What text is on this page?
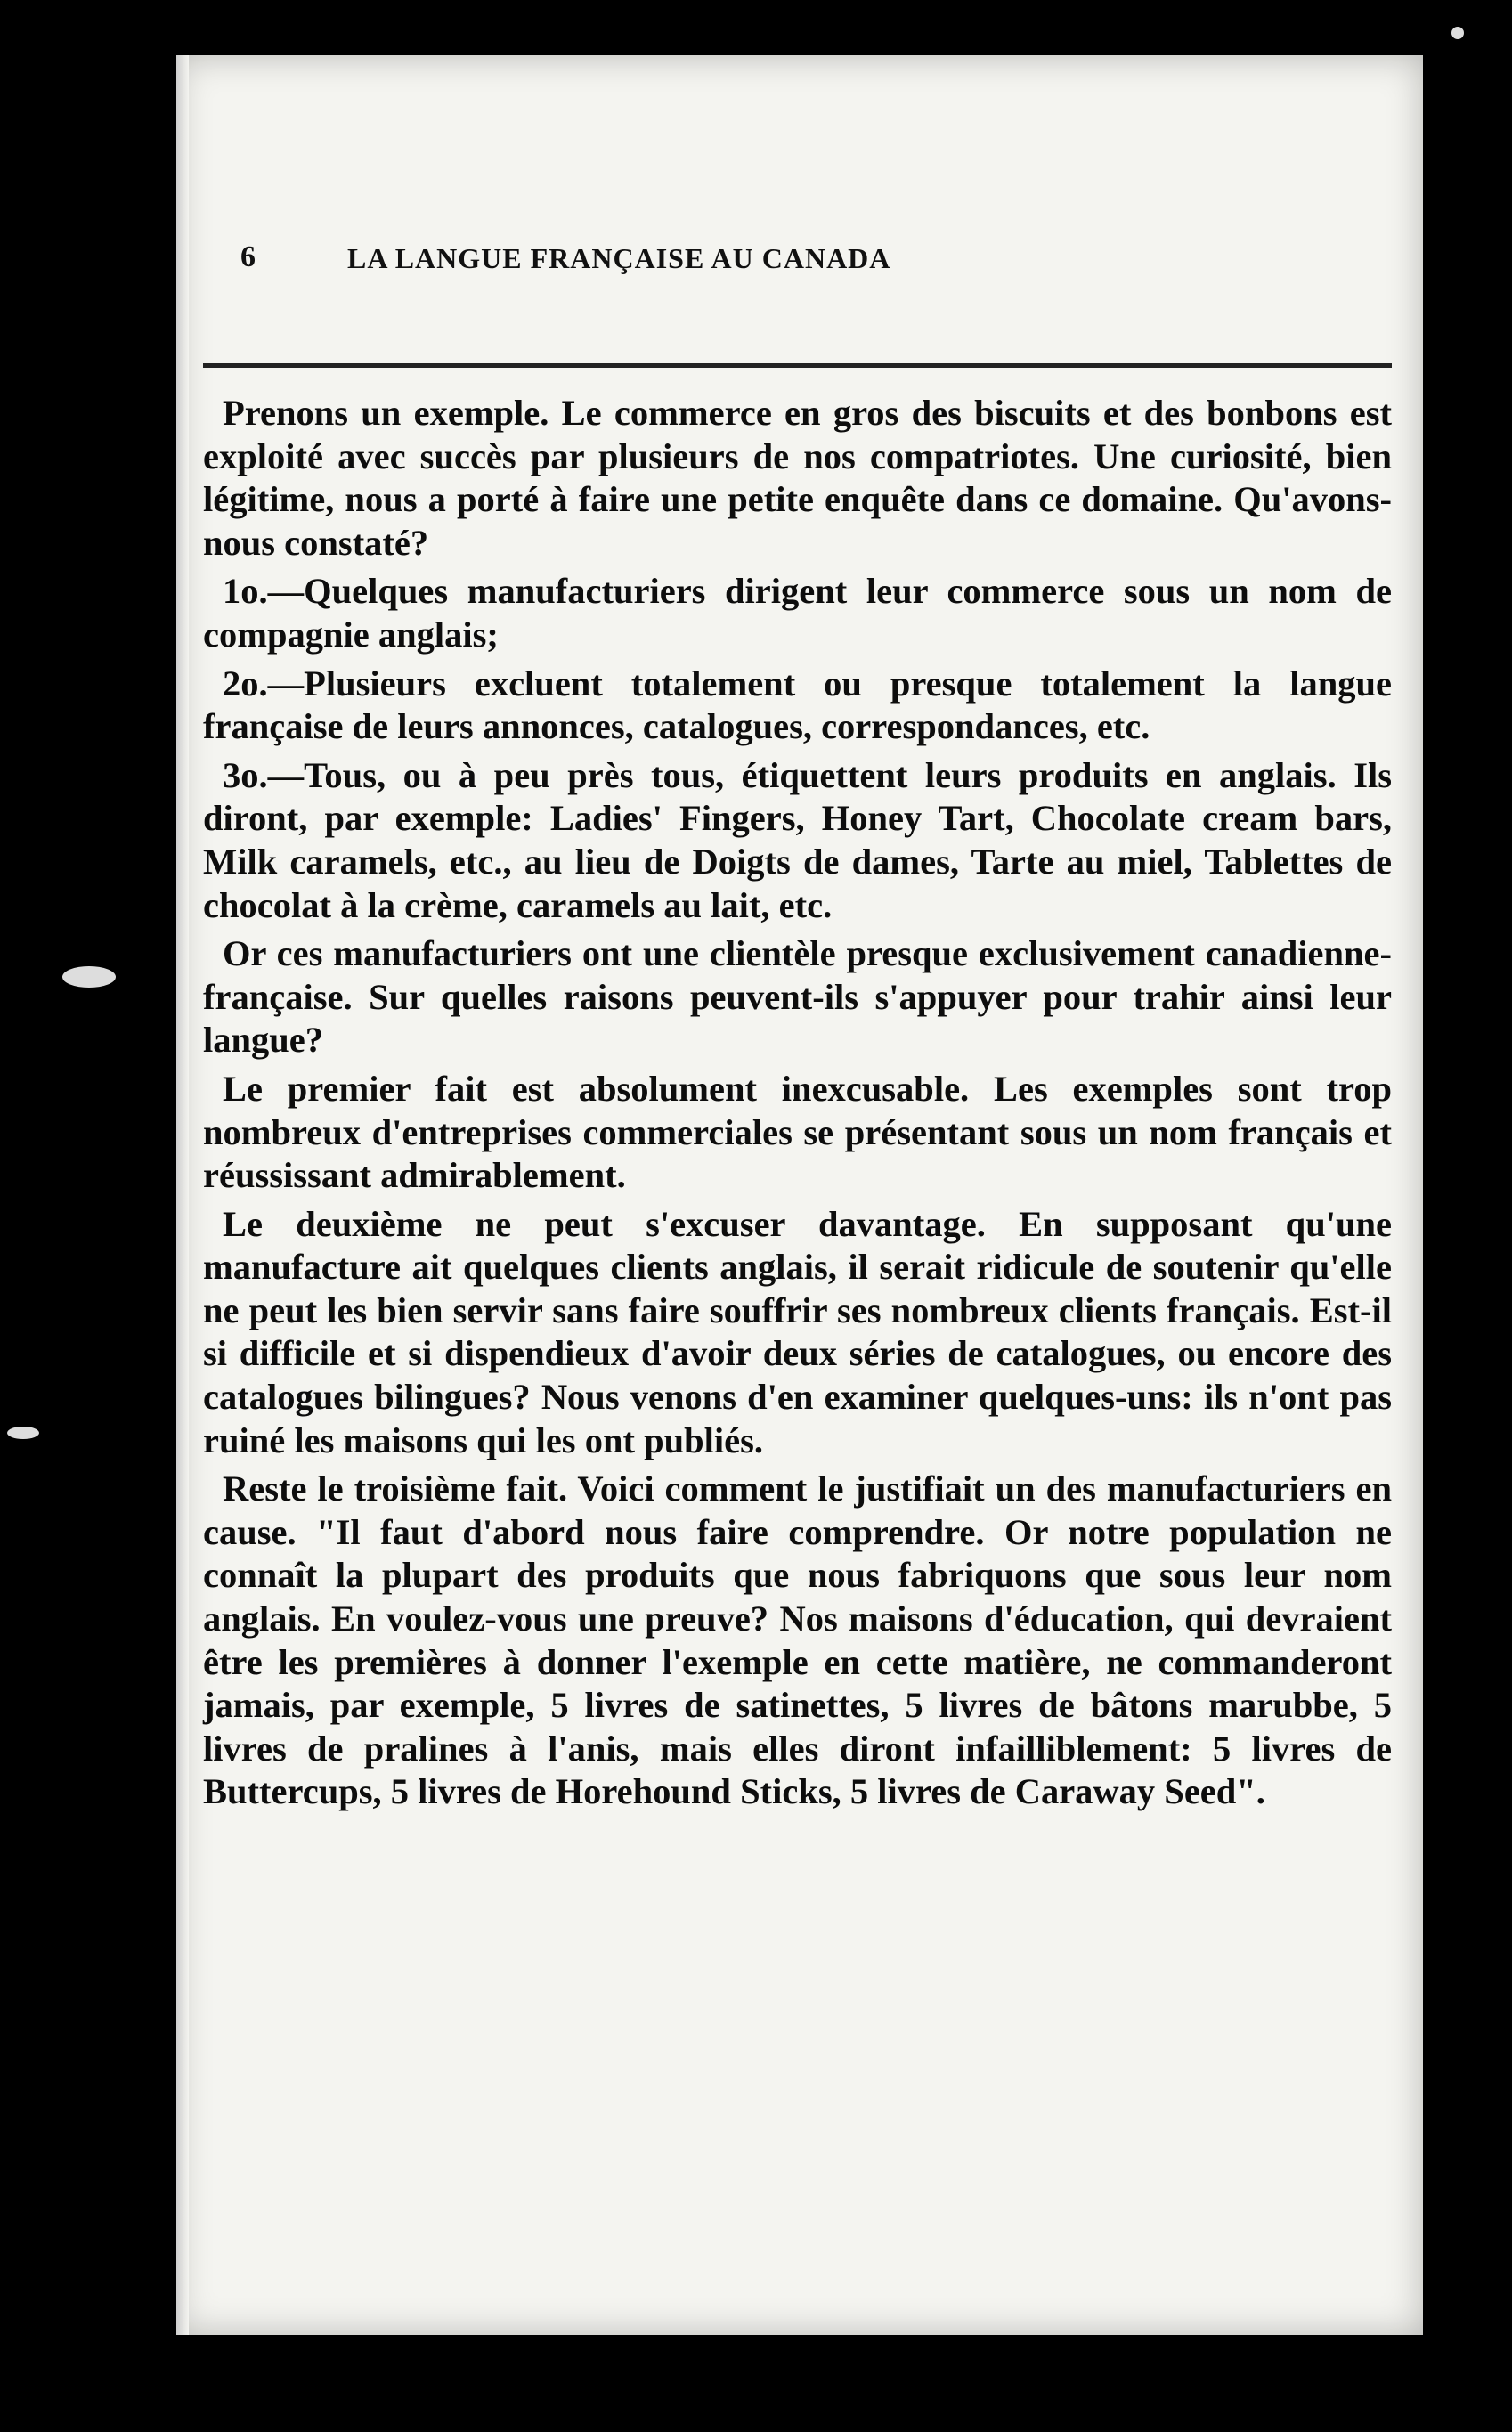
6	LA LANGUE FRANÇAISE AU CANADA

Prenons un exemple. Le commerce en gros des biscuits et des bonbons est exploité avec succès par plusieurs de nos compatriotes. Une curiosité, bien légitime, nous a porté à faire une petite enquête dans ce domaine. Qu'avons-nous constaté?

1o.—Quelques manufacturiers dirigent leur commerce sous un nom de compagnie anglais;

2o.—Plusieurs excluent totalement ou presque totalement la langue française de leurs annonces, catalogues, correspondances, etc.

3o.—Tous, ou à peu près tous, étiquettent leurs produits en anglais. Ils diront, par exemple: Ladies' Fingers, Honey Tart, Chocolate cream bars, Milk caramels, etc., au lieu de Doigts de dames, Tarte au miel, Tablettes de chocolat à la crème, caramels au lait, etc.

Or ces manufacturiers ont une clientèle presque exclusivement canadienne-française. Sur quelles raisons peuvent-ils s'appuyer pour trahir ainsi leur langue?

Le premier fait est absolument inexcusable. Les exemples sont trop nombreux d'entreprises commerciales se présentant sous un nom français et réussissant admirablement.

Le deuxième ne peut s'excuser davantage. En supposant qu'une manufacture ait quelques clients anglais, il serait ridicule de soutenir qu'elle ne peut les bien servir sans faire souffrir ses nombreux clients français. Est-il si difficile et si dispendieux d'avoir deux séries de catalogues, ou encore des catalogues bilingues? Nous venons d'en examiner quelques-uns: ils n'ont pas ruiné les maisons qui les ont publiés.

Reste le troisième fait. Voici comment le justifiait un des manufacturiers en cause. "Il faut d'abord nous faire comprendre. Or notre population ne connaît la plupart des produits que nous fabriquons que sous leur nom anglais. En voulez-vous une preuve? Nos maisons d'éducation, qui devraient être les premières à donner l'exemple en cette matière, ne commanderont jamais, par exemple, 5 livres de satinettes, 5 livres de bâtons marubbe, 5 livres de pralines à l'anis, mais elles diront infailliblement: 5 livres de Buttercups, 5 livres de Horehound Sticks, 5 livres de Caraway Seed".
